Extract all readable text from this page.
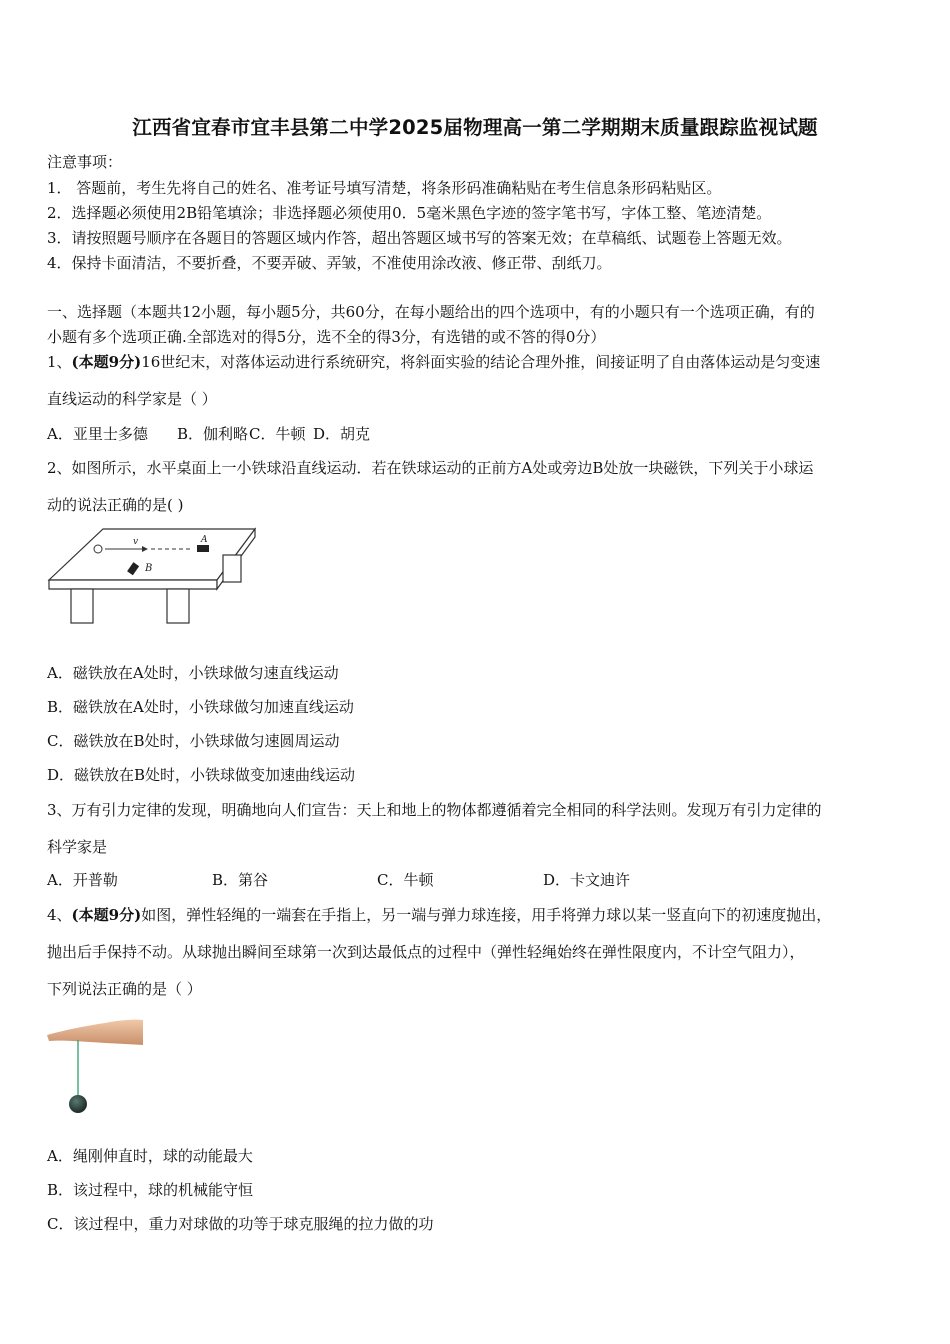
江西省宜春市宜丰县第二中学2025届物理高一第二学期期末质量跟踪监视试题
注意事项：
1． 答题前，考生先将自己的姓名、准考证号填写清楚，将条形码准确粘贴在考生信息条形码粘贴区。
2．选择题必须使用2B铅笔填涂；非选择题必须使用0．5毫米黑色字迹的签字笔书写，字体工整、笔迹清楚。
3．请按照题号顺序在各题目的答题区域内作答，超出答题区域书写的答案无效；在草稿纸、试题卷上答题无效。
4．保持卡面清洁，不要折叠，不要弄破、弄皱，不准使用涂改液、修正带、刮纸刀。
一、选择题（本题共12小题，每小题5分，共60分，在每小题给出的四个选项中，有的小题只有一个选项正确，有的
小题有多个选项正确.全部选对的得5分，选不全的得3分，有选错的或不答的得0分）
1、(本题9分)16世纪末，对落体运动进行系统研究，将斜面实验的结论合理外推，间接证明了自由落体运动是匀变速
直线运动的科学家是（ ）
A．亚里士多德 B．伽利略C．牛顿 D．胡克
2、如图所示，水平桌面上一小铁球沿直线运动．若在铁球运动的正前方A处或旁边B处放一块磁铁，下列关于小球运
动的说法正确的是( )
v	A
B
A．磁铁放在A处时，小铁球做匀速直线运动
B．磁铁放在A处时，小铁球做匀加速直线运动
C．磁铁放在B处时，小铁球做匀速圆周运动
D．磁铁放在B处时，小铁球做变加速曲线运动
3、万有引力定律的发现，明确地向人们宣告：天上和地上的物体都遵循着完全相同的科学法则。发现万有引力定律的
科学家是
A．开普勒	B．第谷	C．牛顿	D．卡文迪许
4、(本题9分)如图，弹性轻绳的一端套在手指上，另一端与弹力球连接，用手将弹力球以某一竖直向下的初速度抛出，
抛出后手保持不动。从球抛出瞬间至球第一次到达最低点的过程中（弹性轻绳始终在弹性限度内，不计空气阻力），
下列说法正确的是（ ）
A．绳刚伸直时，球的动能最大
B．该过程中，球的机械能守恒
C．该过程中，重力对球做的功等于球克服绳的拉力做的功
